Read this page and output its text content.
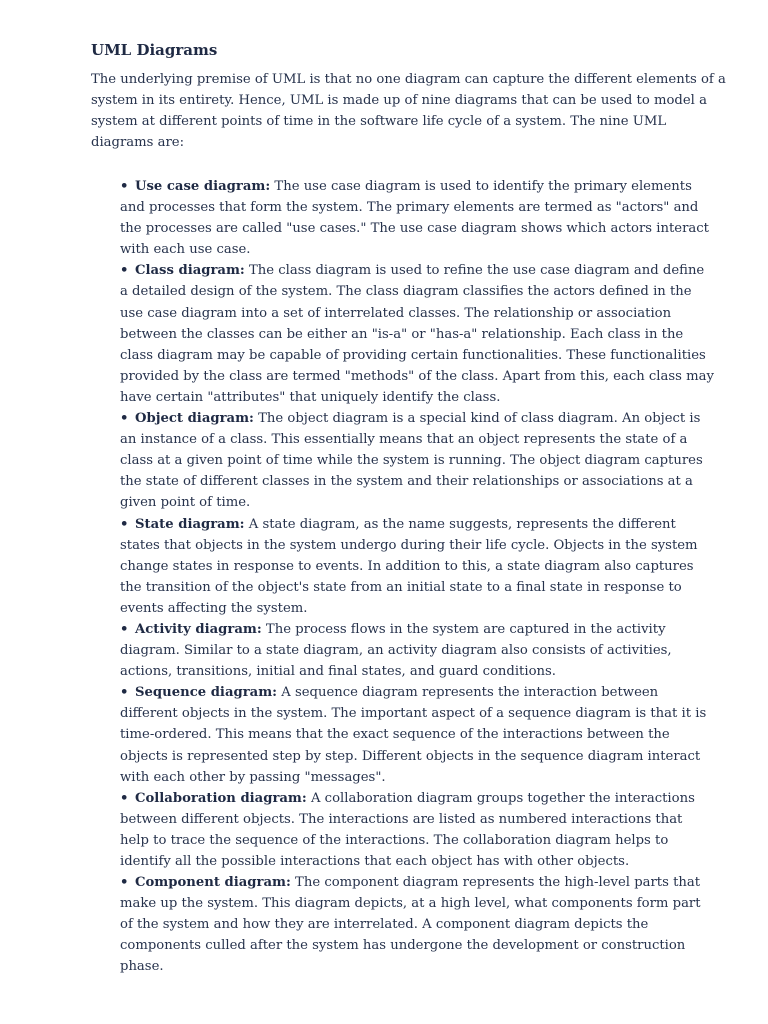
UML Diagrams

The underlying premise of UML is that no one diagram can capture the different elements of a system in its entirety. Hence, UML is made up of nine diagrams that can be used to model a system at different points of time in the software life cycle of a system. The nine UML diagrams are:

• Use case diagram: The use case diagram is used to identify the primary elements and processes that form the system. The primary elements are termed as "actors" and the processes are called "use cases." The use case diagram shows which actors interact with each use case.
• Class diagram: The class diagram is used to refine the use case diagram and define a detailed design of the system. The class diagram classifies the actors defined in the use case diagram into a set of interrelated classes. The relationship or association between the classes can be either an "is-a" or "has-a" relationship. Each class in the class diagram may be capable of providing certain functionalities. These functionalities provided by the class are termed "methods" of the class. Apart from this, each class may have certain "attributes" that uniquely identify the class.
• Object diagram: The object diagram is a special kind of class diagram. An object is an instance of a class. This essentially means that an object represents the state of a class at a given point of time while the system is running. The object diagram captures the state of different classes in the system and their relationships or associations at a given point of time.
• State diagram: A state diagram, as the name suggests, represents the different states that objects in the system undergo during their life cycle. Objects in the system change states in response to events. In addition to this, a state diagram also captures the transition of the object's state from an initial state to a final state in response to events affecting the system.
• Activity diagram: The process flows in the system are captured in the activity diagram. Similar to a state diagram, an activity diagram also consists of activities, actions, transitions, initial and final states, and guard conditions.
• Sequence diagram: A sequence diagram represents the interaction between different objects in the system. The important aspect of a sequence diagram is that it is time-ordered. This means that the exact sequence of the interactions between the objects is represented step by step. Different objects in the sequence diagram interact with each other by passing "messages".
• Collaboration diagram: A collaboration diagram groups together the interactions between different objects. The interactions are listed as numbered interactions that help to trace the sequence of the interactions. The collaboration diagram helps to identify all the possible interactions that each object has with other objects.
• Component diagram: The component diagram represents the high-level parts that make up the system. This diagram depicts, at a high level, what components form part of the system and how they are interrelated. A component diagram depicts the components culled after the system has undergone the development or construction phase.
